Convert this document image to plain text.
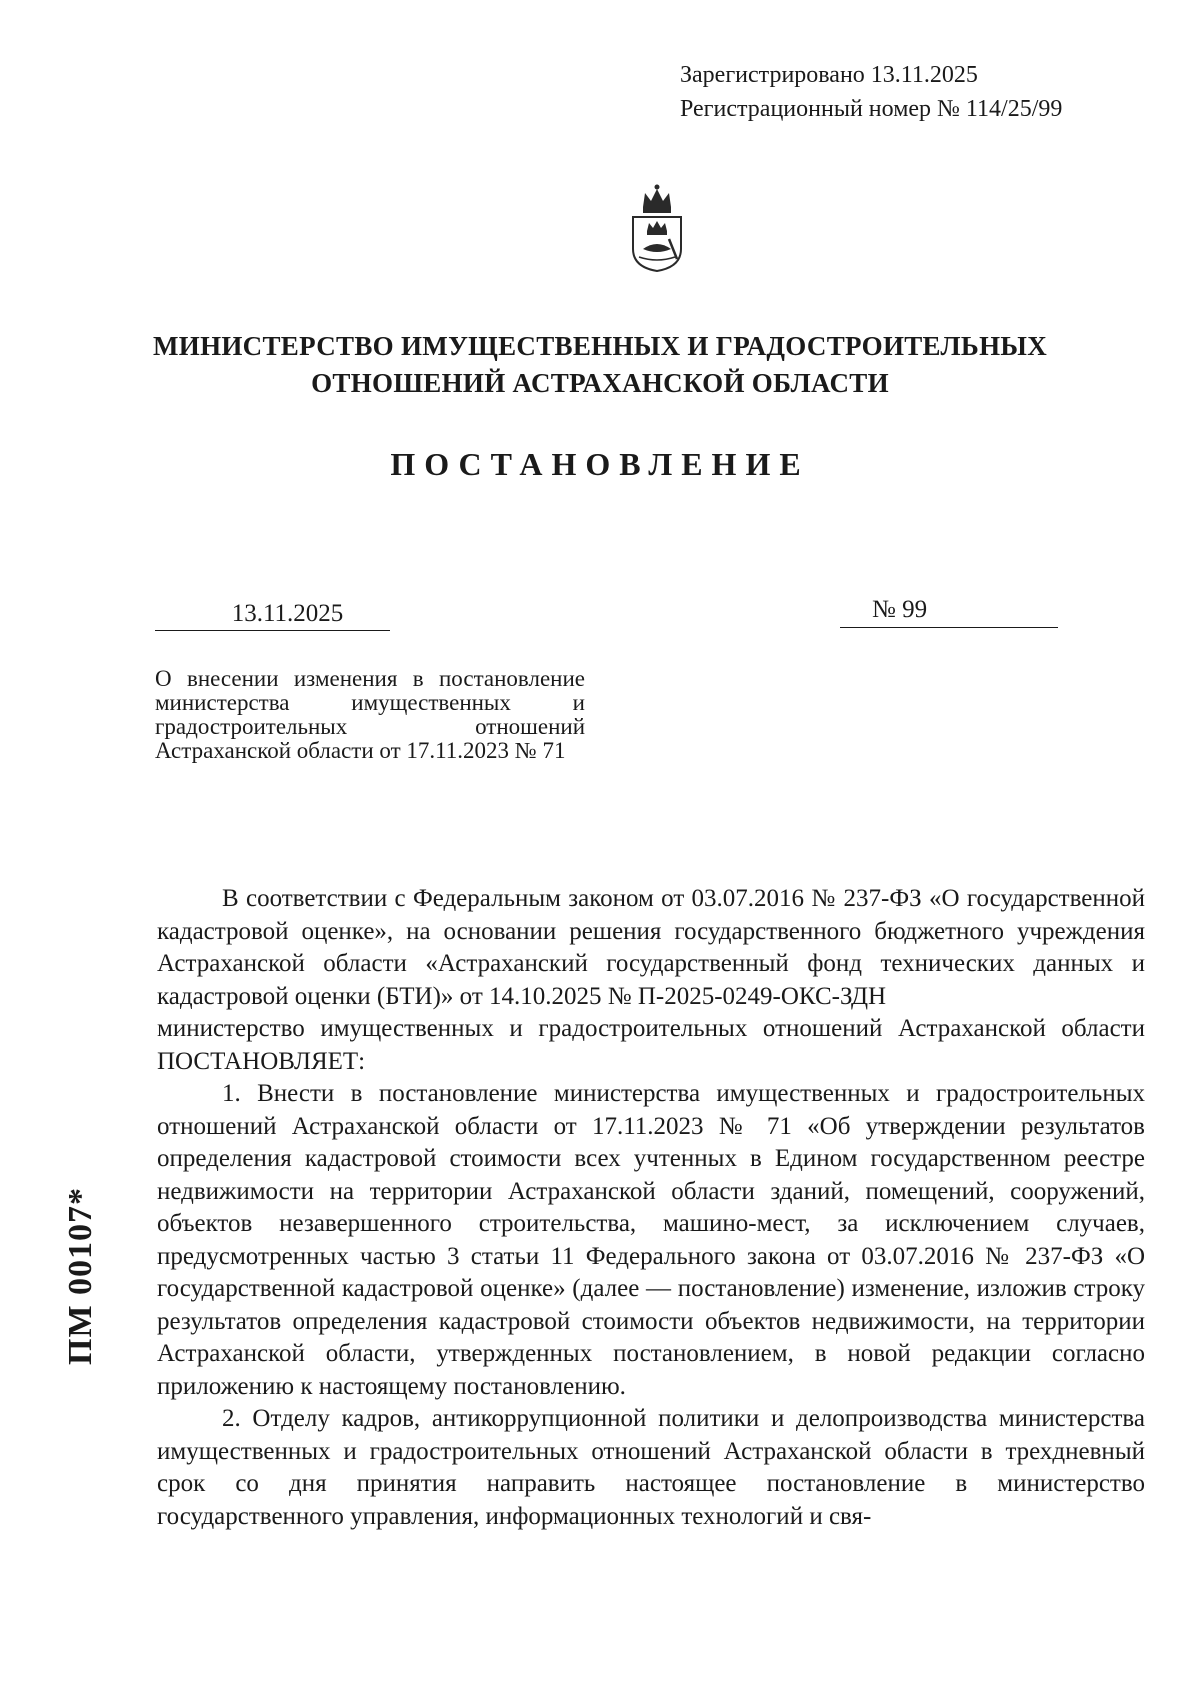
Зарегистрировано 13.11.2025
Регистрационный номер № 114/25/99
МИНИСТЕРСТВО ИМУЩЕСТВЕННЫХ И ГРАДОСТРОИТЕЛЬНЫХ
ОТНОШЕНИЙ АСТРАХАНСКОЙ ОБЛАСТИ
ПОСТАНОВЛЕНИЕ
13.11.2025	№ 99
О внесении изменения в постановление министерства имущественных и градостроительных отношений Астраханской области от 17.11.2023 № 71

В соответствии с Федеральным законом от 03.07.2016 № 237-ФЗ «О государственной кадастровой оценке», на основании решения государственного бюджетного учреждения Астраханской области «Астраханский государственный фонд технических данных и кадастровой оценки (БТИ)» от 14.10.2025 № П-2025-0249-ОКС-ЗДН

министерство имущественных и градостроительных отношений Астраханской области ПОСТАНОВЛЯЕТ:

1. Внести в постановление министерства имущественных и градостроительных отношений Астраханской области от 17.11.2023 № 71 «Об утверждении результатов определения кадастровой стоимости всех учтенных в Едином государственном реестре недвижимости на территории Астраханской области зданий, помещений, сооружений, объектов незавершенного строительства, машино-мест, за исключением случаев, предусмотренных частью 3 статьи 11 Федерального закона от 03.07.2016 № 237-ФЗ «О государственной кадастровой оценке» (далее — постановление) изменение, изложив строку результатов определения кадастровой стоимости объектов недвижимости, на территории Астраханской области, утвержденных постановлением, в новой редакции согласно приложению к настоящему постановлению.

2. Отделу кадров, антикоррупционной политики и делопроизводства министерства имущественных и градостроительных отношений Астраханской области в трехдневный срок со дня принятия направить настоящее постановление в министерство государственного управления, информационных технологий и свя-

ПМ 00107*
